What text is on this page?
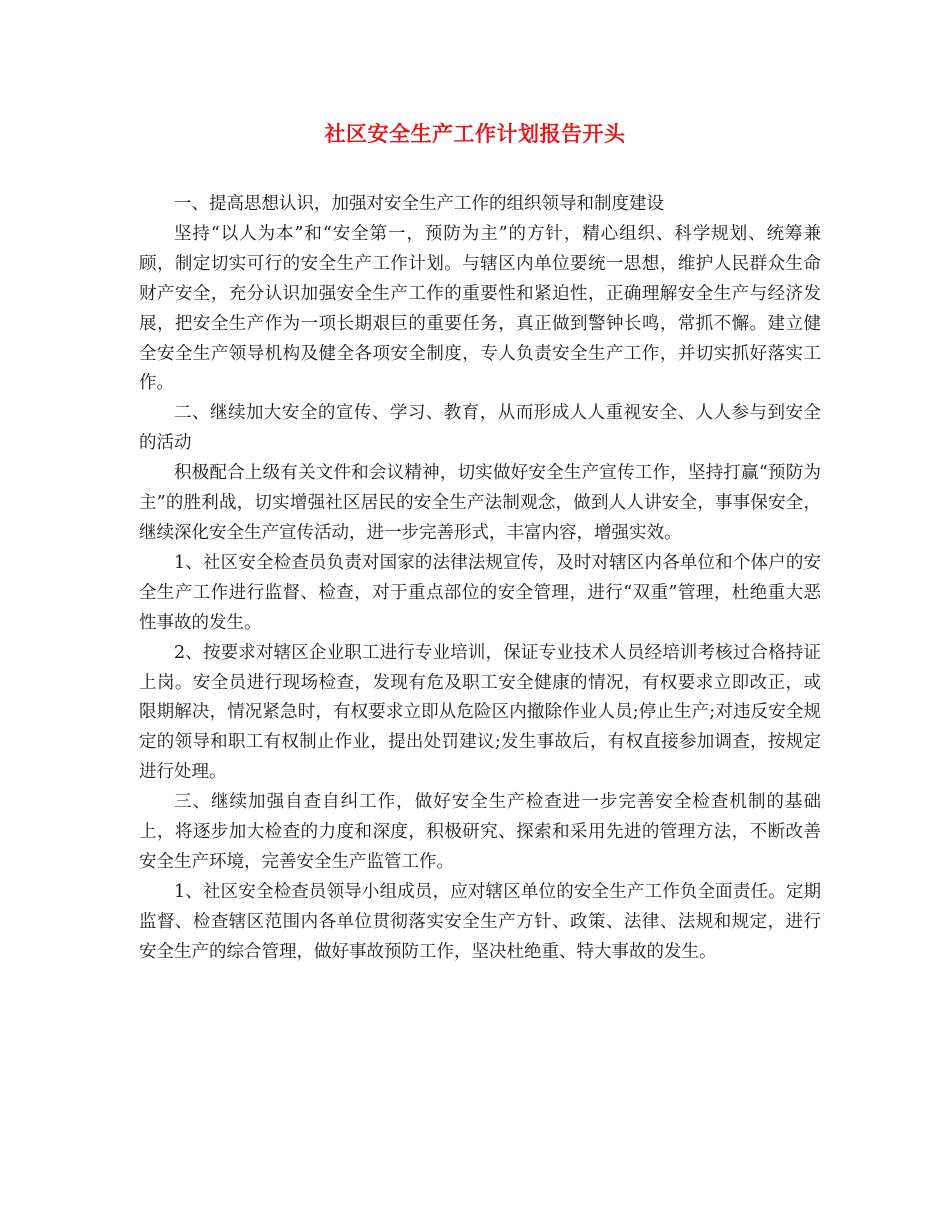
社区安全生产工作计划报告开头

一、提高思想认识，加强对安全生产工作的组织领导和制度建设

坚持“以人为本”和“安全第一，预防为主”的方针，精心组织、科学规划、统筹兼顾，制定切实可行的安全生产工作计划。与辖区内单位要统一思想，维护人民群众生命财产安全，充分认识加强安全生产工作的重要性和紧迫性，正确理解安全生产与经济发展，把安全生产作为一项长期艰巨的重要任务，真正做到警钟长鸣，常抓不懈。建立健全安全生产领导机构及健全各项安全制度，专人负责安全生产工作，并切实抓好落实工作。

二、继续加大安全的宣传、学习、教育，从而形成人人重视安全、人人参与到安全的活动

积极配合上级有关文件和会议精神，切实做好安全生产宣传工作，坚持打赢“预防为主”的胜利战，切实增强社区居民的安全生产法制观念，做到人人讲安全，事事保安全，继续深化安全生产宣传活动，进一步完善形式，丰富内容，增强实效。

1、社区安全检查员负责对国家的法律法规宣传，及时对辖区内各单位和个体户的安全生产工作进行监督、检查，对于重点部位的安全管理，进行“双重”管理，杜绝重大恶性事故的发生。

2、按要求对辖区企业职工进行专业培训，保证专业技术人员经培训考核过合格持证上岗。安全员进行现场检查，发现有危及职工安全健康的情况，有权要求立即改正，或限期解决，情况紧急时，有权要求立即从危险区内撤除作业人员;停止生产;对违反安全规定的领导和职工有权制止作业，提出处罚建议;发生事故后，有权直接参加调查，按规定进行处理。

三、继续加强自查自纠工作，做好安全生产检查进一步完善安全检查机制的基础上，将逐步加大检查的力度和深度，积极研究、探索和采用先进的管理方法，不断改善安全生产环境，完善安全生产监管工作。

1、社区安全检查员领导小组成员，应对辖区单位的安全生产工作负全面责任。定期监督、检查辖区范围内各单位贯彻落实安全生产方针、政策、法律、法规和规定，进行安全生产的综合管理，做好事故预防工作，坚决杜绝重、特大事故的发生。
